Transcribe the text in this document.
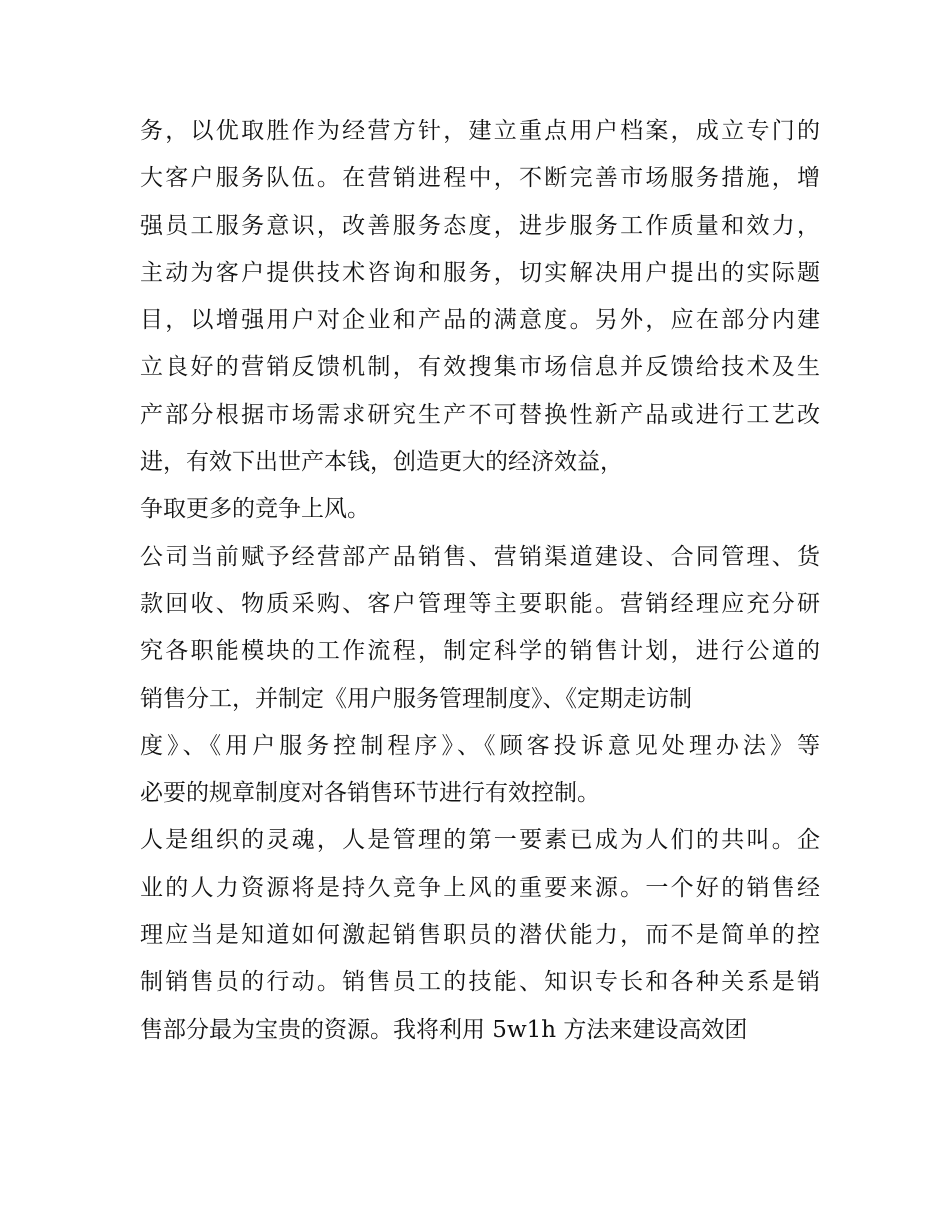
务，以优取胜作为经营方针，建立重点用户档案，成立专门的
大客户服务队伍。在营销进程中，不断完善市场服务措施，增
强员工服务意识，改善服务态度，进步服务工作质量和效力，
主动为客户提供技术咨询和服务，切实解决用户提出的实际题
目，以增强用户对企业和产品的满意度。另外，应在部分内建
立良好的营销反馈机制，有效搜集市场信息并反馈给技术及生
产部分根据市场需求研究生产不可替换性新产品或进行工艺改
进，有效下出世产本钱，创造更大的经济效益，
争取更多的竞争上风。
公司当前赋予经营部产品销售、营销渠道建设、合同管理、货
款回收、物质采购、客户管理等主要职能。营销经理应充分研
究各职能模块的工作流程，制定科学的销售计划，进行公道的
销售分工，并制定《用户服务管理制度》、《定期走访制
度》、《用户服务控制程序》、《顾客投诉意见处理办法》等
必要的规章制度对各销售环节进行有效控制。
人是组织的灵魂，人是管理的第一要素已成为人们的共叫。企
业的人力资源将是持久竞争上风的重要来源。一个好的销售经
理应当是知道如何激起销售职员的潜伏能力，而不是简单的控
制销售员的行动。销售员工的技能、知识专长和各种关系是销
售部分最为宝贵的资源。我将利用 5w1h 方法来建设高效团
